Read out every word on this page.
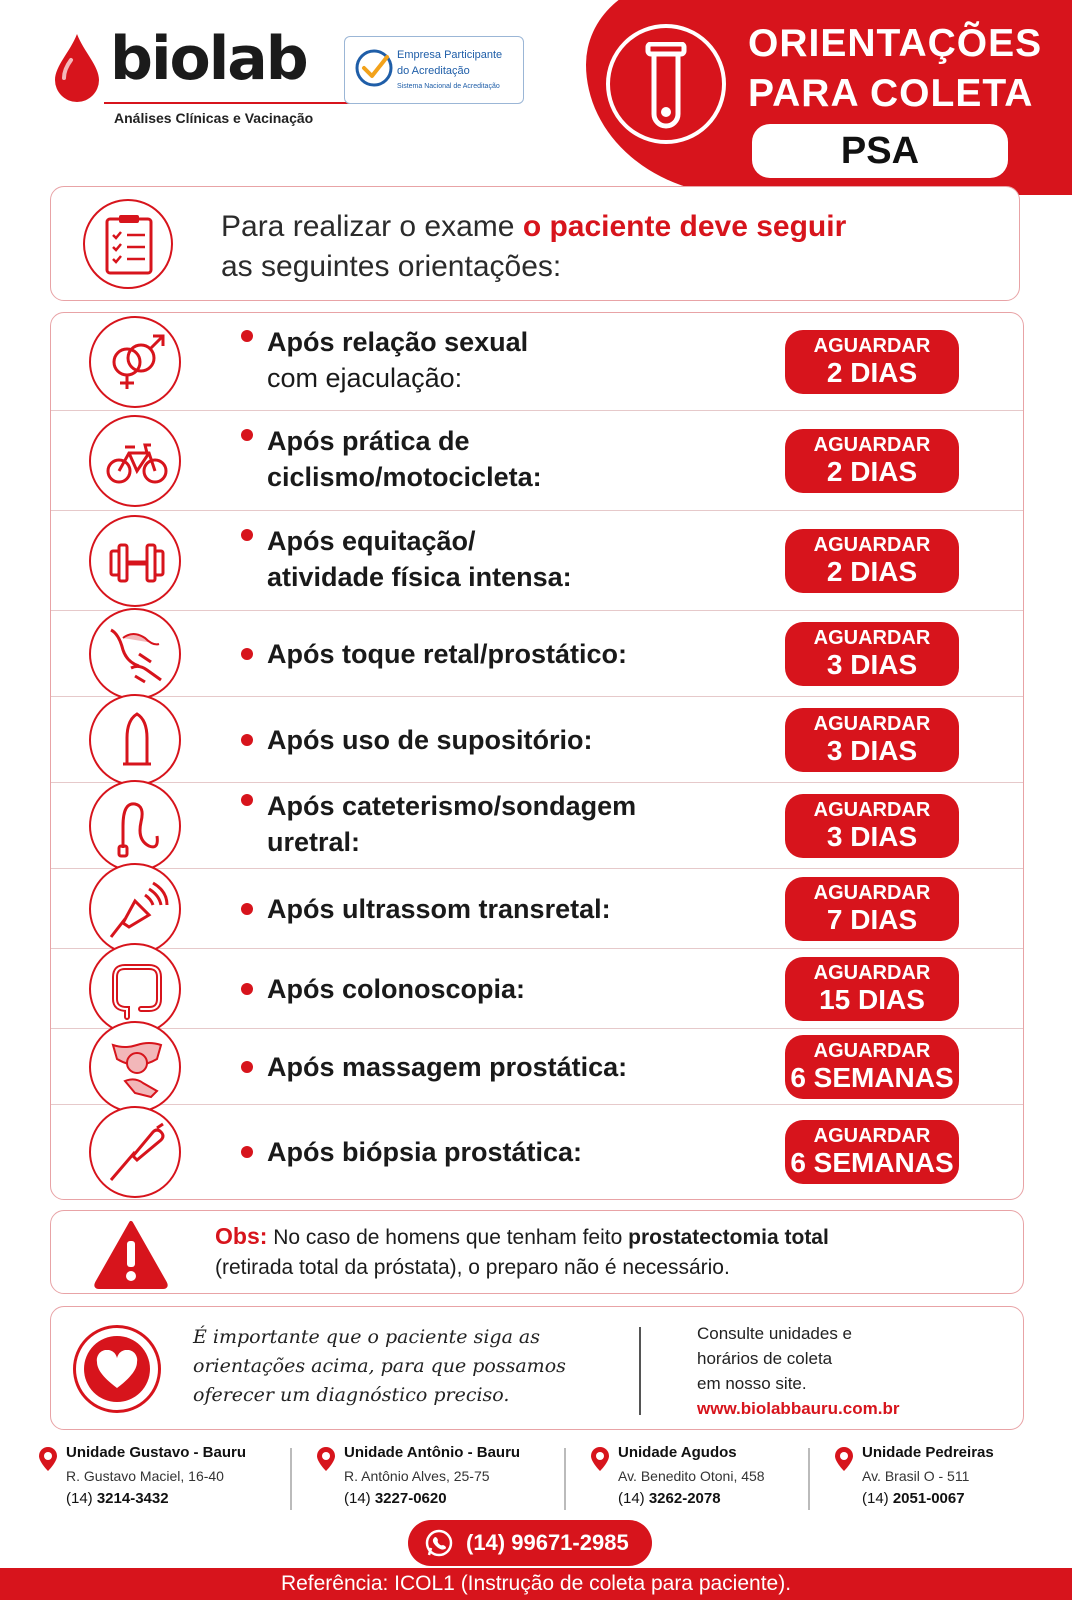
biolab
Análises Clínicas e Vacinação
Empresa Participante
do Acreditação
Sistema Nacional de Acreditação
ORIENTAÇÕES
PARA COLETA
PSA
Para realizar o exame o paciente deve seguir
as seguintes orientações:
Após relação sexual
com ejaculação:
AGUARDAR
2 DIAS
Após prática de
ciclismo/motocicleta:
AGUARDAR
2 DIAS
Após equitação/
atividade física intensa:
AGUARDAR
2 DIAS
Após toque retal/prostático:
AGUARDAR
3 DIAS
Após uso de supositório:
AGUARDAR
3 DIAS
Após cateterismo/sondagem
uretral:
AGUARDAR
3 DIAS
Após ultrassom transretal:
AGUARDAR
7 DIAS
Após colonoscopia:
AGUARDAR
15 DIAS
Após massagem prostática:
AGUARDAR
6 SEMANAS
Após biópsia prostática:
AGUARDAR
6 SEMANAS
Obs: No caso de homens que tenham feito prostatectomia total
(retirada total da próstata), o preparo não é necessário.
É importante que o paciente siga as
orientações acima, para que possamos
oferecer um diagnóstico preciso.
Consulte unidades e
horários de coleta
em nosso site.
www.biolabbauru.com.br
Unidade Gustavo - Bauru
R. Gustavo Maciel, 16-40
(14) 3214-3432
Unidade Antônio - Bauru
R. Antônio Alves, 25-75
(14) 3227-0620
Unidade Agudos
Av. Benedito Otoni, 458
(14) 3262-2078
Unidade Pedreiras
Av. Brasil O - 511
(14) 2051-0067
(14) 99671-2985
Referência: ICOL1 (Instrução de coleta para paciente).
